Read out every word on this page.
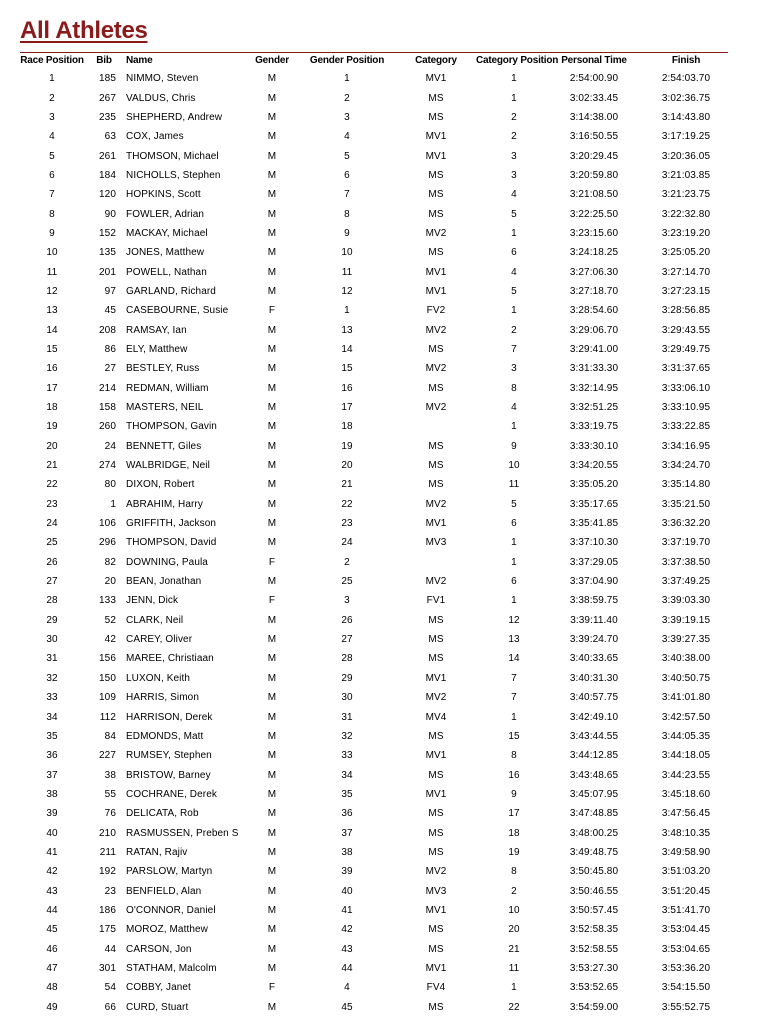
All Athletes
Race Position	Bib	Name	Gender	Gender Position	Category	Category Position	Personal Time	Finish
1	185	NIMMO, Steven	M	1	MV1	1	2:54:00.90	2:54:03.70
2	267	VALDUS, Chris	M	2	MS	1	3:02:33.45	3:02:36.75
3	235	SHEPHERD, Andrew	M	3	MS	2	3:14:38.00	3:14:43.80
4	63	COX, James	M	4	MV1	2	3:16:50.55	3:17:19.25
5	261	THOMSON, Michael	M	5	MV1	3	3:20:29.45	3:20:36.05
6	184	NICHOLLS, Stephen	M	6	MS	3	3:20:59.80	3:21:03.85
7	120	HOPKINS, Scott	M	7	MS	4	3:21:08.50	3:21:23.75
8	90	FOWLER, Adrian	M	8	MS	5	3:22:25.50	3:22:32.80
9	152	MACKAY, Michael	M	9	MV2	1	3:23:15.60	3:23:19.20
10	135	JONES, Matthew	M	10	MS	6	3:24:18.25	3:25:05.20
11	201	POWELL, Nathan	M	11	MV1	4	3:27:06.30	3:27:14.70
12	97	GARLAND, Richard	M	12	MV1	5	3:27:18.70	3:27:23.15
13	45	CASEBOURNE, Susie	F	1	FV2	1	3:28:54.60	3:28:56.85
14	208	RAMSAY, Ian	M	13	MV2	2	3:29:06.70	3:29:43.55
15	86	ELY, Matthew	M	14	MS	7	3:29:41.00	3:29:49.75
16	27	BESTLEY, Russ	M	15	MV2	3	3:31:33.30	3:31:37.65
17	214	REDMAN, William	M	16	MS	8	3:32:14.95	3:33:06.10
18	158	MASTERS, NEIL	M	17	MV2	4	3:32:51.25	3:33:10.95
19	260	THOMPSON, Gavin	M	18		1	3:33:19.75	3:33:22.85
20	24	BENNETT, Giles	M	19	MS	9	3:33:30.10	3:34:16.95
21	274	WALBRIDGE, Neil	M	20	MS	10	3:34:20.55	3:34:24.70
22	80	DIXON, Robert	M	21	MS	11	3:35:05.20	3:35:14.80
23	1	ABRAHIM, Harry	M	22	MV2	5	3:35:17.65	3:35:21.50
24	106	GRIFFITH, Jackson	M	23	MV1	6	3:35:41.85	3:36:32.20
25	296	THOMPSON, David	M	24	MV3	1	3:37:10.30	3:37:19.70
26	82	DOWNING, Paula	F	2		1	3:37:29.05	3:37:38.50
27	20	BEAN, Jonathan	M	25	MV2	6	3:37:04.90	3:37:49.25
28	133	JENN, Dick	F	3	FV1	1	3:38:59.75	3:39:03.30
29	52	CLARK, Neil	M	26	MS	12	3:39:11.40	3:39:19.15
30	42	CAREY, Oliver	M	27	MS	13	3:39:24.70	3:39:27.35
31	156	MAREE, Christiaan	M	28	MS	14	3:40:33.65	3:40:38.00
32	150	LUXON, Keith	M	29	MV1	7	3:40:31.30	3:40:50.75
33	109	HARRIS, Simon	M	30	MV2	7	3:40:57.75	3:41:01.80
34	112	HARRISON, Derek	M	31	MV4	1	3:42:49.10	3:42:57.50
35	84	EDMONDS, Matt	M	32	MS	15	3:43:44.55	3:44:05.35
36	227	RUMSEY, Stephen	M	33	MV1	8	3:44:12.85	3:44:18.05
37	38	BRISTOW, Barney	M	34	MS	16	3:43:48.65	3:44:23.55
38	55	COCHRANE, Derek	M	35	MV1	9	3:45:07.95	3:45:18.60
39	76	DELICATA, Rob	M	36	MS	17	3:47:48.85	3:47:56.45
40	210	RASMUSSEN, Preben S	M	37	MS	18	3:48:00.25	3:48:10.35
41	211	RATAN, Rajiv	M	38	MS	19	3:49:48.75	3:49:58.90
42	192	PARSLOW, Martyn	M	39	MV2	8	3:50:45.80	3:51:03.20
43	23	BENFIELD, Alan	M	40	MV3	2	3:50:46.55	3:51:20.45
44	186	O'CONNOR, Daniel	M	41	MV1	10	3:50:57.45	3:51:41.70
45	175	MOROZ, Matthew	M	42	MS	20	3:52:58.35	3:53:04.45
46	44	CARSON, Jon	M	43	MS	21	3:52:58.55	3:53:04.65
47	301	STATHAM, Malcolm	M	44	MV1	11	3:53:27.30	3:53:36.20
48	54	COBBY, Janet	F	4	FV4	1	3:53:52.65	3:54:15.50
49	66	CURD, Stuart	M	45	MS	22	3:54:59.00	3:55:52.75
